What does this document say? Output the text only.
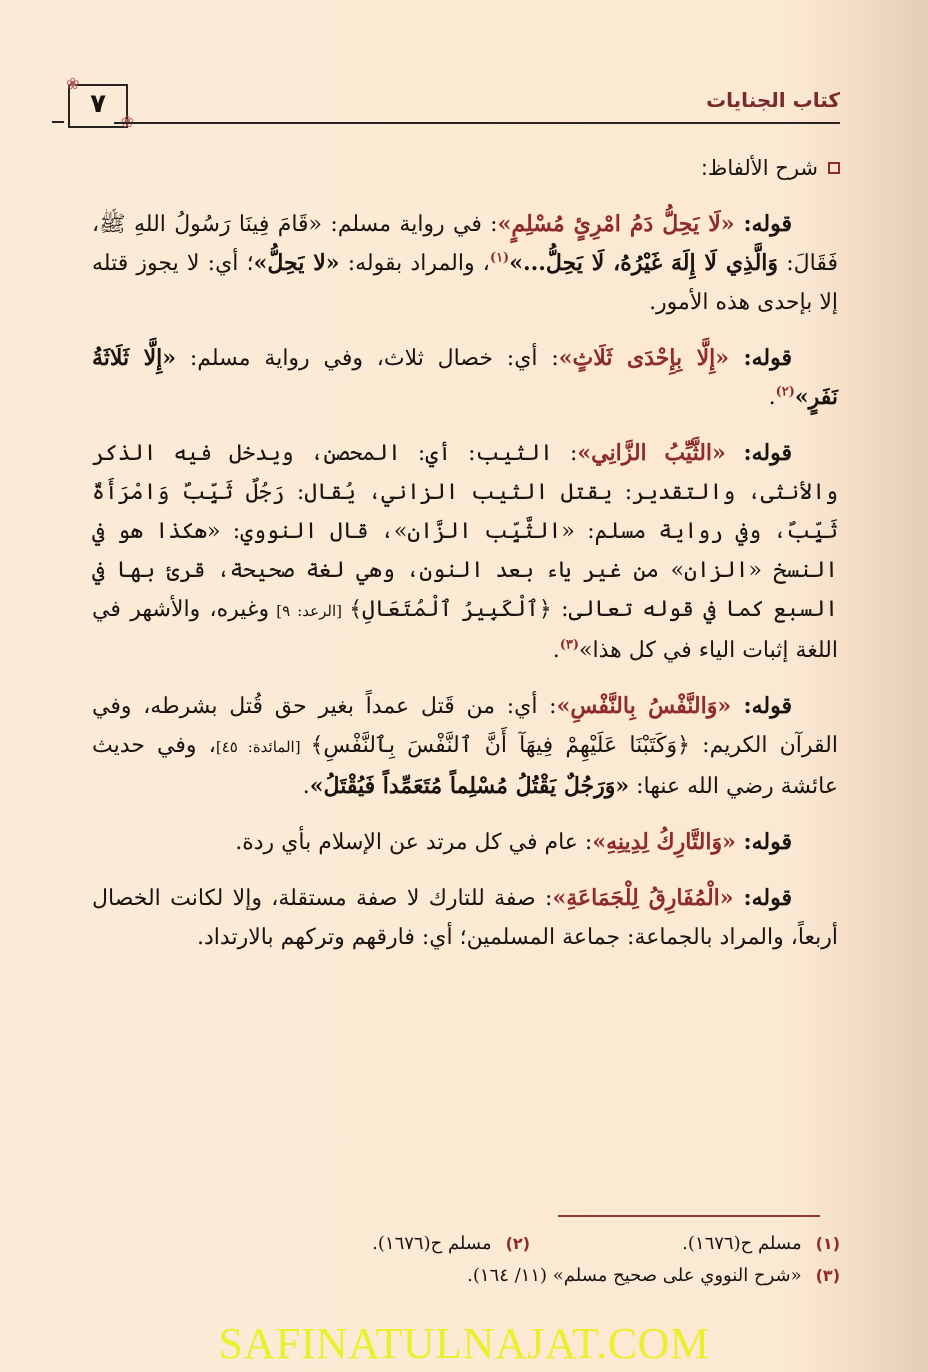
❀
٧	كتاب الجنايات
شرح الألفاظ:

قوله: «لَا يَحِلُّ دَمُ امْرِئٍ مُسْلِمٍ»: في رواية مسلم: «قَامَ فِينَا رَسُولُ اللهِ ﷺ، فَقَالَ: وَالَّذِي لَا إِلَهَ غَيْرُهُ، لَا يَحِلُّ...»$^{(١)}$، والمراد بقوله: «لا يَحِلُّ»؛ أي: لا يجوز قتله إلا بإحدى هذه الأمور.

قوله: «إِلَّا بِإِحْدَى ثَلَاثٍ»: أي: خصال ثلاث، وفي رواية مسلم: «إِلَّا ثَلَاثَةُ نَفَرٍ»$^{(٢)}$.

قوله: «الثَّيِّبُ الزَّانِي»: الثيب: أي: المحصن، ويدخل فيه الذكر والأنثى، والتقدير: يقتل الثيب الزاني، يُقال: رَجُلٌ ثَيِّبٌ وَامْرَأَةٌ ثَيِّبٌ، وفي رواية مسلم: «الثَّيِّب الزَّان»، قال النووي: «هكذا هو في النسخ «الزان» من غير ياء بعد النون، وهي لغة صحيحة، قرئ بها في السبع كما في قوله تعالى: ﴿ٱلْكَبِيرُ ٱلْمُتَعَالِ﴾ [الرعد: ٩] وغيره، والأشهر في اللغة إثبات الياء في كل هذا»$^{(٣)}$.

قوله: «وَالنَّفْسُ بِالنَّفْسِ»: أي: من قَتل عمداً بغير حق قُتل بشرطه، وفي القرآن الكريم: ﴿وَكَتَبْنَا عَلَيْهِمْ فِيهَآ أَنَّ ٱلنَّفْسَ بِٱلنَّفْسِ﴾ [المائدة: ٤٥]، وفي حديث عائشة رضي الله عنها: «وَرَجُلٌ يَقْتُلُ مُسْلِماً مُتَعَمِّداً فَيُقْتَلُ».

قوله: «وَالتَّارِكُ لِدِينِهِ»: عام في كل مرتد عن الإسلام بأي ردة.

قوله: «الْمُفَارِقُ لِلْجَمَاعَةِ»: صفة للتارك لا صفة مستقلة، وإلا لكانت الخصال أربعاً، والمراد بالجماعة: جماعة المسلمين؛ أي: فارقهم وتركهم بالارتداد.

(١)
مسلم ح(١٦٧٦).
(٢)
مسلم ح(١٦٧٦).
(٣)
«شرح النووي على صحيح مسلم» (١١/ ١٦٤).
SAFINATULNAJAT.COM
